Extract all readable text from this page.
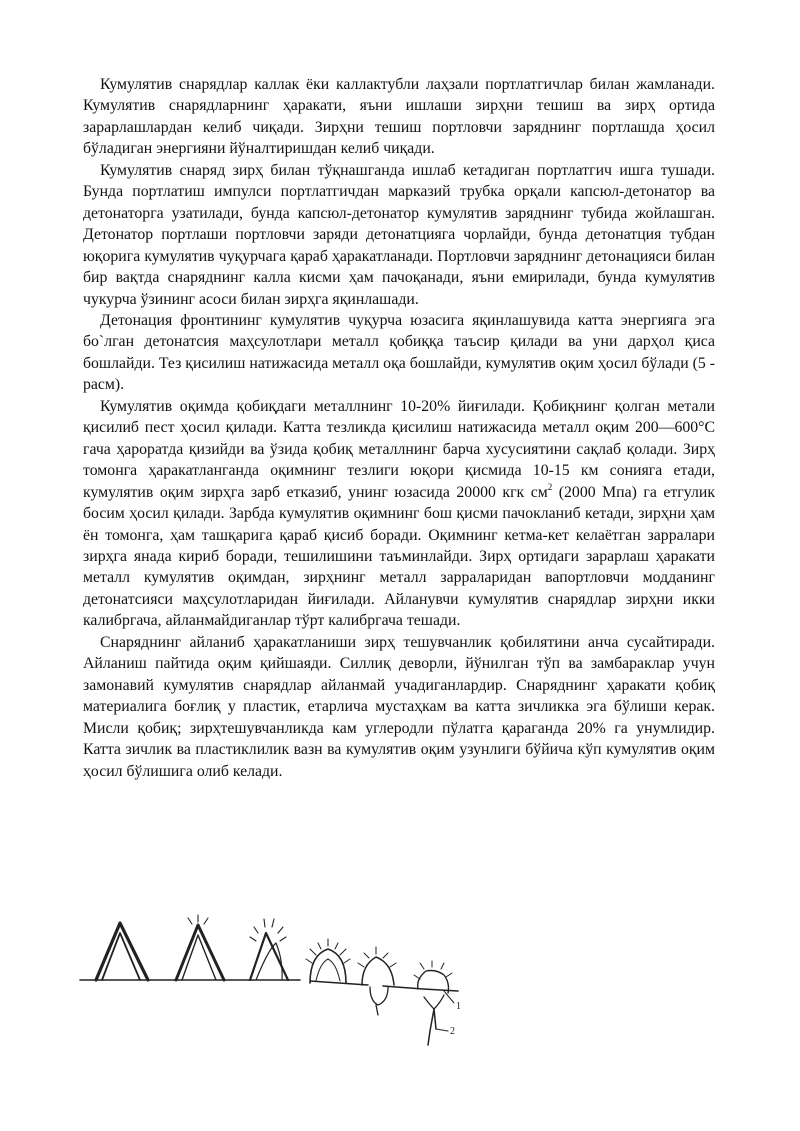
Кумулятив снарядлар каллак ёки каллактубли лаҳзали портлатгичлар билан жамланади. Кумулятив снарядларнинг ҳаракати, яъни ишлаши зирҳни тешиш ва зирҳ ортида зарарлашлардан келиб чиқади. Зирҳни тешиш портловчи заряднинг портлашда ҳосил бўладиган энергияни йўналтиришдан келиб чиқади.

Кумулятив снаряд зирҳ билан тўқнашганда ишлаб кетадиган портлатгич ишга тушади. Бунда портлатиш импулси портлатгичдан марказий трубка орқали капсюл-детонатор ва детонаторга узатилади, бунда капсюл-детонатор кумулятив заряднинг тубида жойлашган. Детонатор портлаши портловчи заряди детонатцияга чорлайди, бунда детонатция тубдан юқорига кумулятив чуқурчага қараб ҳаракатланади. Портловчи заряднинг детонацияси билан бир вақтда снаряднинг калла кисми ҳам пачоқанади, яъни емирилади, бунда кумулятив чукурча ўзининг асоси билан зирҳга яқинлашади.

Детонация фронтининг кумулятив чуқурча юзасига яқинлашувида катта энергияга эга бо`лган детонатсия маҳсулотлари металл қобиққа таъсир қилади ва уни дарҳол қиса бошлайди. Тез қисилиш натижасида металл оқа бошлайди, кумулятив оқим ҳосил бўлади (5 - расм).

Кумулятив оқимда қобиқдаги металлнинг 10-20% йиғилади. Қобиқнинг қолган метали қисилиб пест ҳосил қилади. Катта тезликда қисилиш натижасида металл оқим 200—600°С гача ҳароратда қизийди ва ўзида қобиқ металлнинг барча хусусиятини сақлаб қолади. Зирҳ томонга ҳаракатланганда оқимнинг тезлиги юқори қисмида 10-15 км сонияга етади, кумулятив оқим зирҳга зарб етказиб, унинг юзасида 20000 кгк $см^2$ (2000 Мпа) га етгулик босим ҳосил қилади. Зарбда кумулятив оқимнинг бош қисми пачокланиб кетади, зирҳни ҳам ён томонга, ҳам ташқарига қараб қисиб боради. Оқимнинг кетма-кет келаётган зарралари зирҳга янада кириб боради, тешилишини таъминлайди. Зирҳ ортидаги зарарлаш ҳаракати металл кумулятив оқимдан, зирҳнинг металл зарраларидан вапортловчи модданинг детонатсияси маҳсулотларидан йиғилади. Айланувчи кумулятив снарядлар зирҳни икки калибргача, айланмайдиганлар тўрт калибргача тешади.

Снаряднинг айланиб ҳаракатланиши зирҳ тешувчанлик қобилятини анча сусайтиради. Айланиш пайтида оқим қийшаяди. Силлиқ деворли, йўнилган тўп ва замбараклар учун замонавий кумулятив снарядлар айланмай учадиганлардир. Снаряднинг ҳаракати қобиқ материалига боғлиқ у пластик, етарлича мустаҳкам ва катта зичликка эга бўлиши керак. Мисли қобиқ; зирҳтешувчанликда кам углеродли пўлатга қараганда 20% га унумлидир. Катта зичлик ва пластиклилик вазн ва кумулятив оқим узунлиги бўйича кўп кумулятив оқим ҳосил бўлишига олиб келади.

1
2
